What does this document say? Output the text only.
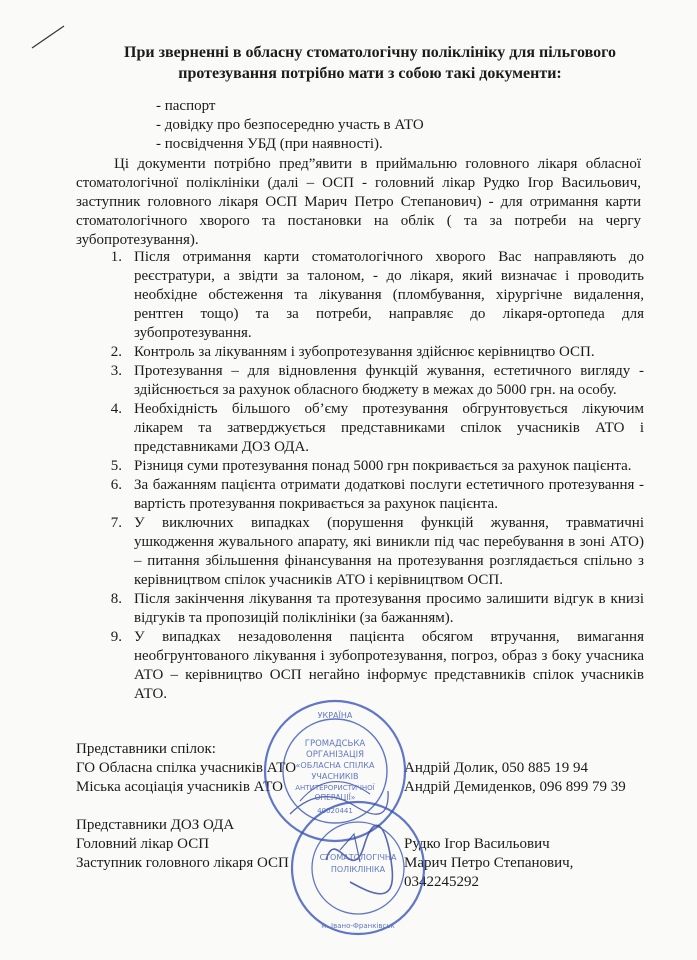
При зверненні в обласну стоматологічну поліклініку для пільгового протезування потрібно мати з собою такі документи:
- паспорт
- довідку про безпосередню участь в АТО
- посвідчення УБД (при наявності).
Ці документи потрібно пред”явити в приймальню головного лікаря обласної стоматологічної поліклініки (далі – ОСП - головний лікар Рудко Ігор Васильович, заступник головного лікаря ОСП Марич Петро Степанович) - для отримання карти стоматологічного хворого та постановки на облік ( та за потреби на чергу зубопротезування).
1. Після отримання карти стоматологічного хворого Вас направляють до реєстратури, а звідти за талоном, - до лікаря, який визначає і проводить необхідне обстеження та лікування (пломбування, хірургічне видалення, рентген тощо) та за потреби, направляє до лікаря-ортопеда для зубопротезування.
2. Контроль за лікуванням і зубопротезування здійснює керівництво ОСП.
3. Протезування – для відновлення функцій жування, естетичного вигляду - здійснюється за рахунок обласного бюджету в межах до 5000 грн. на особу.
4. Необхідність більшого об’єму протезування обгрунтовується лікуючим лікарем та затверджується представниками спілок учасників АТО і представниками ДОЗ ОДА.
5. Різниця суми протезування понад 5000 грн покривається за рахунок пацієнта.
6. За бажанням пацієнта отримати додаткові послуги естетичного протезування - вартість протезування покривається за рахунок пацієнта.
7. У виключних випадках (порушення функцій жування, травматичні ушкодження жувального апарату, які виникли під час перебування в зоні АТО) – питання збільшення фінансування на протезування розглядається спільно з керівництвом спілок учасників АТО і керівництвом ОСП.
8. Після закінчення лікування та протезування просимо залишити відгук в книзі відгуків та пропозицій поліклініки (за бажанням).
9. У випадках незадоволення пацієнта обсягом втручання, вимагання необгрунтованого лікування і зубопротезування, погроз, образ з боку учасника АТО – керівництво ОСП негайно інформує представників спілок учасників АТО.
Представники спілок:
ГО Обласна спілка учасників АТО	Андрій Долик, 050 885 19 94
Міська асоціація учасників АТО	Андрій Демиденков, 096 899 79 39
Представники ДОЗ ОДА
Головний лікар ОСП	Рудко Ігор Васильович
Заступник головного лікаря ОСП	Марич Петро Степанович,
0342245292
УКРАЇНА
ГРОМАДСЬКА
ОРГАНІЗАЦІЯ
«ОБЛАСНА СПІЛКА
УЧАСНИКІВ
АНТИТЕРОРИСТИЧНОЇ
ОПЕРАЦІЇ»
40020441
СТОМАТОЛОГІЧНА
ПОЛІКЛІНІКА
м. Івано-Франківськ
